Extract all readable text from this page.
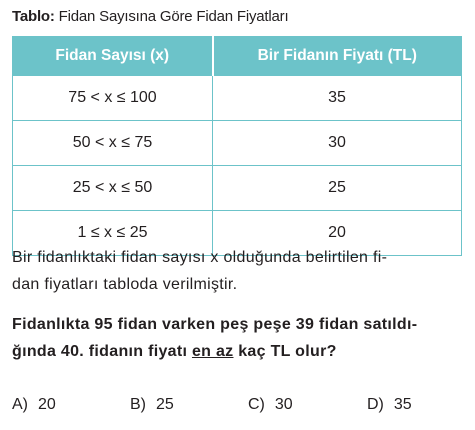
Tablo: Fidan Sayısına Göre Fidan Fiyatları
Fidan Sayısı (x)	Bir Fidanın Fiyatı (TL)
75 < x ≤ 100	35
50 < x ≤ 75	30
25 < x ≤ 50	25
1 ≤ x ≤ 25	20
Bir fidanlıktaki fidan sayısı x olduğunda belirtilen fi-
dan fiyatları tabloda verilmiştir.
Fidanlıkta 95 fidan varken peş peşe 39 fidan satıldı-
ğında 40. fidanın fiyatı en az kaç TL olur?
A) 20	B) 25	C) 30	D) 35
